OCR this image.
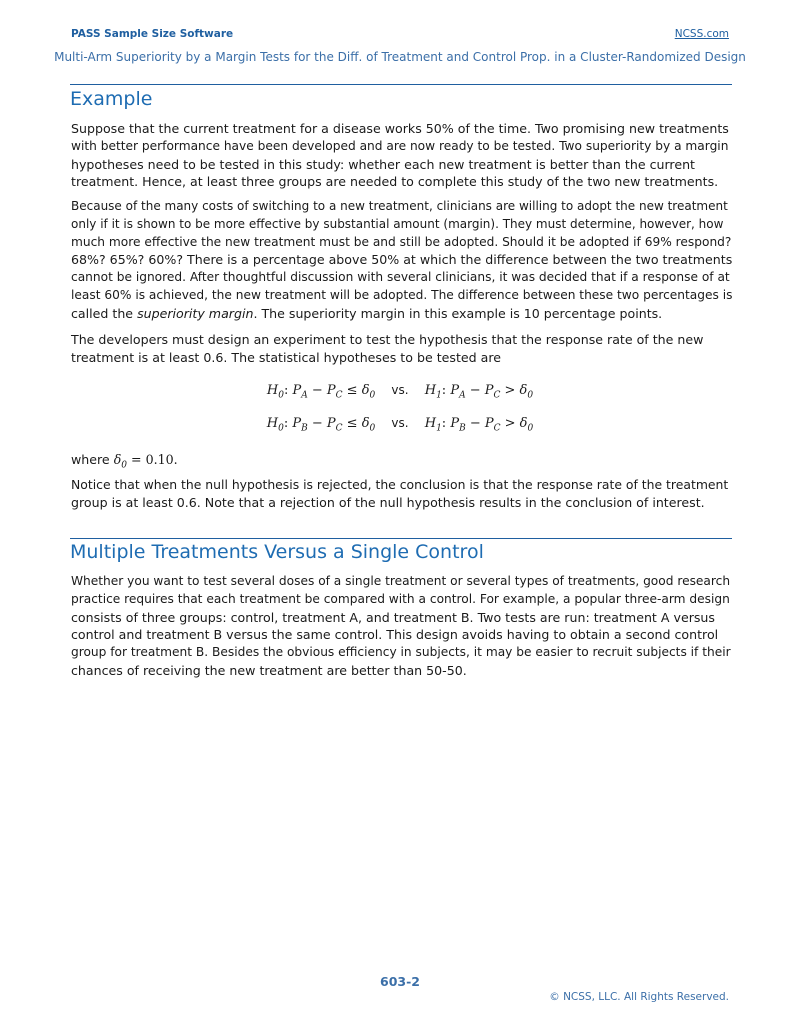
PASS Sample Size Software	NCSS.com
Multi-Arm Superiority by a Margin Tests for the Diff. of Treatment and Control Prop. in a Cluster-Randomized Design
Example
Suppose that the current treatment for a disease works 50% of the time. Two promising new treatments
with better performance have been developed and are now ready to be tested. Two superiority by a margin
hypotheses need to be tested in this study: whether each new treatment is better than the current
treatment. Hence, at least three groups are needed to complete this study of the two new treatments.
Because of the many costs of switching to a new treatment, clinicians are willing to adopt the new treatment
only if it is shown to be more effective by substantial amount (margin). They must determine, however, how
much more effective the new treatment must be and still be adopted. Should it be adopted if 69% respond?
68%? 65%? 60%? There is a percentage above 50% at which the difference between the two treatments
cannot be ignored. After thoughtful discussion with several clinicians, it was decided that if a response of at
least 60% is achieved, the new treatment will be adopted. The difference between these two percentages is
called the superiority margin. The superiority margin in this example is 10 percentage points.
The developers must design an experiment to test the hypothesis that the response rate of the new
treatment is at least 0.6. The statistical hypotheses to be tested are
$H_0$: $P_A - P_C \le \delta_0$ vs. $H_1$: $P_A - P_C > \delta_0$
$H_0$: $P_B - P_C \le \delta_0$ vs. $H_1$: $P_B - P_C > \delta_0$
where $\delta_0 = 0.10$.
Notice that when the null hypothesis is rejected, the conclusion is that the response rate of the treatment
group is at least 0.6. Note that a rejection of the null hypothesis results in the conclusion of interest.
Multiple Treatments Versus a Single Control
Whether you want to test several doses of a single treatment or several types of treatments, good research
practice requires that each treatment be compared with a control. For example, a popular three-arm design
consists of three groups: control, treatment A, and treatment B. Two tests are run: treatment A versus
control and treatment B versus the same control. This design avoids having to obtain a second control
group for treatment B. Besides the obvious efficiency in subjects, it may be easier to recruit subjects if their
chances of receiving the new treatment are better than 50-50.
603-2
© NCSS, LLC. All Rights Reserved.
